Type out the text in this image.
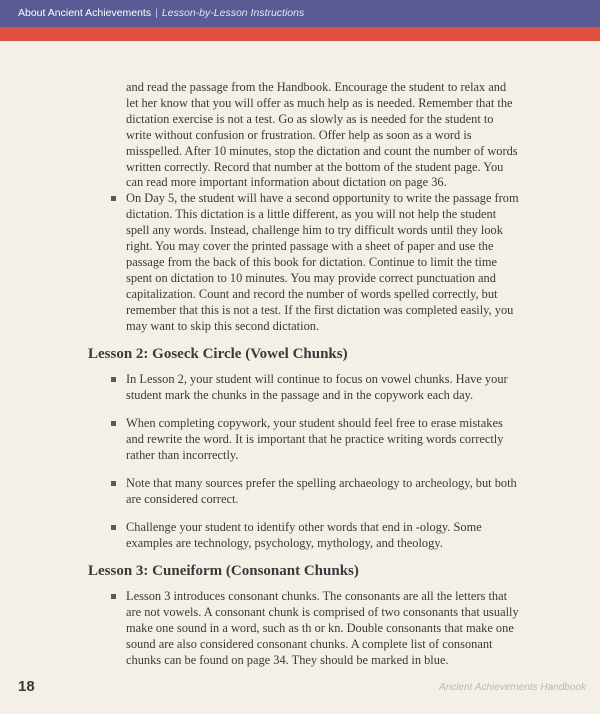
About Ancient Achievements | Lesson-by-Lesson Instructions

and read the passage from the Handbook. Encourage the student to relax and let her know that you will offer as much help as is needed. Remember that the dictation exercise is not a test. Go as slowly as is needed for the student to write without confusion or frustration. Offer help as soon as a word is misspelled. After 10 minutes, stop the dictation and count the number of words written correctly. Record that number at the bottom of the student page. You can read more important information about dictation on page 36.

On Day 5, the student will have a second opportunity to write the passage from dictation. This dictation is a little different, as you will not help the student spell any words. Instead, challenge him to try difficult words until they look right. You may cover the printed passage with a sheet of paper and use the passage from the back of this book for dictation. Continue to limit the time spent on dictation to 10 minutes. You may provide correct punctuation and capitalization. Count and record the number of words spelled correctly, but remember that this is not a test. If the first dictation was completed easily, you may want to skip this second dictation.
Lesson 2: Goseck Circle (Vowel Chunks)
In Lesson 2, your student will continue to focus on vowel chunks. Have your student mark the chunks in the passage and in the copywork each day.
When completing copywork, your student should feel free to erase mistakes and rewrite the word. It is important that he practice writing words correctly rather than incorrectly.
Note that many sources prefer the spelling archaeology to archeology, but both are considered correct.
Challenge your student to identify other words that end in -ology. Some examples are technology, psychology, mythology, and theology.
Lesson 3: Cuneiform (Consonant Chunks)
Lesson 3 introduces consonant chunks. The consonants are all the letters that are not vowels. A consonant chunk is comprised of two consonants that usually make one sound in a word, such as th or kn. Double consonants that make one sound are also considered consonant chunks. A complete list of consonant chunks can be found on page 34. They should be marked in blue.
18	Ancient Achievements Handbook
